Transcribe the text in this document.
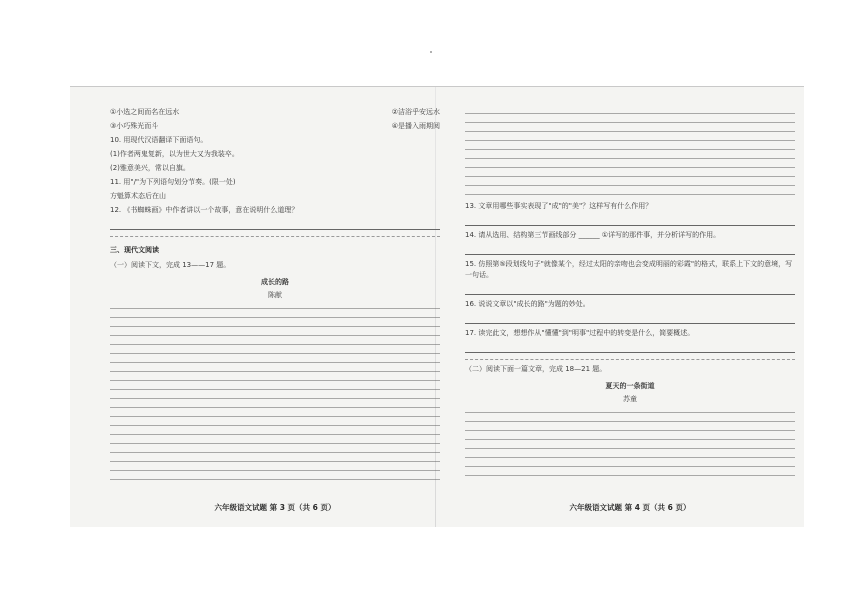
①小选之间而名在远水	②洁浴乎安远水
③小巧殊光而斗	④是播入雨期阅
10. 用现代汉语翻译下面语句。
(1)作者两鬼复新，以为世大又为我装卒。
(2)雅意美兴，常以自旗。
11. 用"/"为下列语句划分节奏。(限一处)
方魁算术态后在山
12. 《书蜘蛛画》中作者讲以一个故事，意在说明什么道理？
三、现代文阅读
（一）阅读下文，完成 13——17 题。
成长的路
陈献
13. 文章用哪些事实表现了"成"的"美"？这样写有什么作用？
14. 请从选用、结构第三节画线部分 ______ ①详写的那件事，并分析详写的作用。
15. 仿照第⑤段划线句子"就像某个，经过太阳的亲吻也会变成明丽的彩霞"的格式，联系上下文的意境，写一句话。
16. 说说文章以"成长的路"为题的妙处。
17. 读完此文，想想作从"懂懂"到"明事"过程中的转变是什么，简要概述。
（二）阅读下面一篇文章，完成 18—21 题。
夏天的一条街道
苏童
六年级语文试题 第 3 页（共 6 页）	六年级语文试题 第 4 页（共 6 页）
